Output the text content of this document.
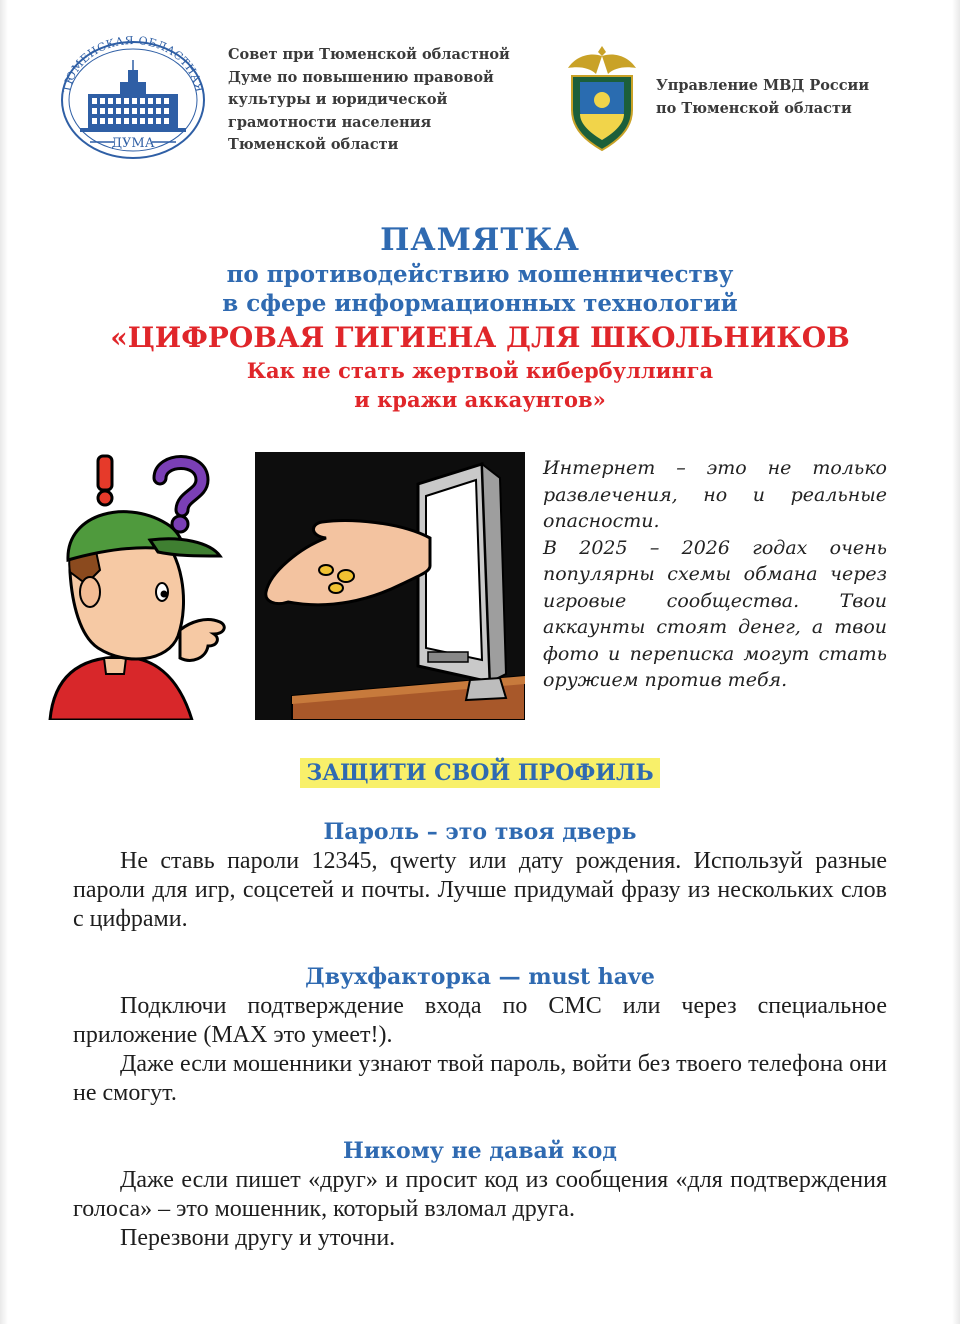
ТЮМЕНСКАЯ ОБЛАСТНАЯ
ДУМА
Совет при Тюменской областной
Думе по повышению правовой
культуры и юридической
грамотности населения
Тюменской области
Управление МВД России
по Тюменской области
ПАМЯТКА
по противодействию мошенничеству
в сфере информационных технологий
«ЦИФРОВАЯ ГИГИЕНА ДЛЯ ШКОЛЬНИКОВ
Как не стать жертвой кибербуллинга
и кражи аккаунтов»

Интернет – это не только развлечения, но и реальные опасности.

В 2025 – 2026 годах очень популярны схемы обмана через игровые сообщества. Твои аккаунты стоят денег, а твои фото и переписка могут стать оружием против тебя.

ЗАЩИТИ СВОЙ ПРОФИЛЬ
Пароль – это твоя дверь

Не ставь пароли 12345, qwerty или дату рождения. Используй разные пароли для игр, соцсетей и почты. Лучше придумай фразу из нескольких слов с цифрами.

Двухфакторка — must have

Подключи подтверждение входа по СМС или через специальное приложение (MAX это умеет!).

Даже если мошенники узнают твой пароль, войти без твоего телефона они не смогут.

Никому не давай код

Даже если пишет «друг» и просит код из сообщения «для подтверждения голоса» – это мошенник, который взломал друга.

Перезвони другу и уточни.
